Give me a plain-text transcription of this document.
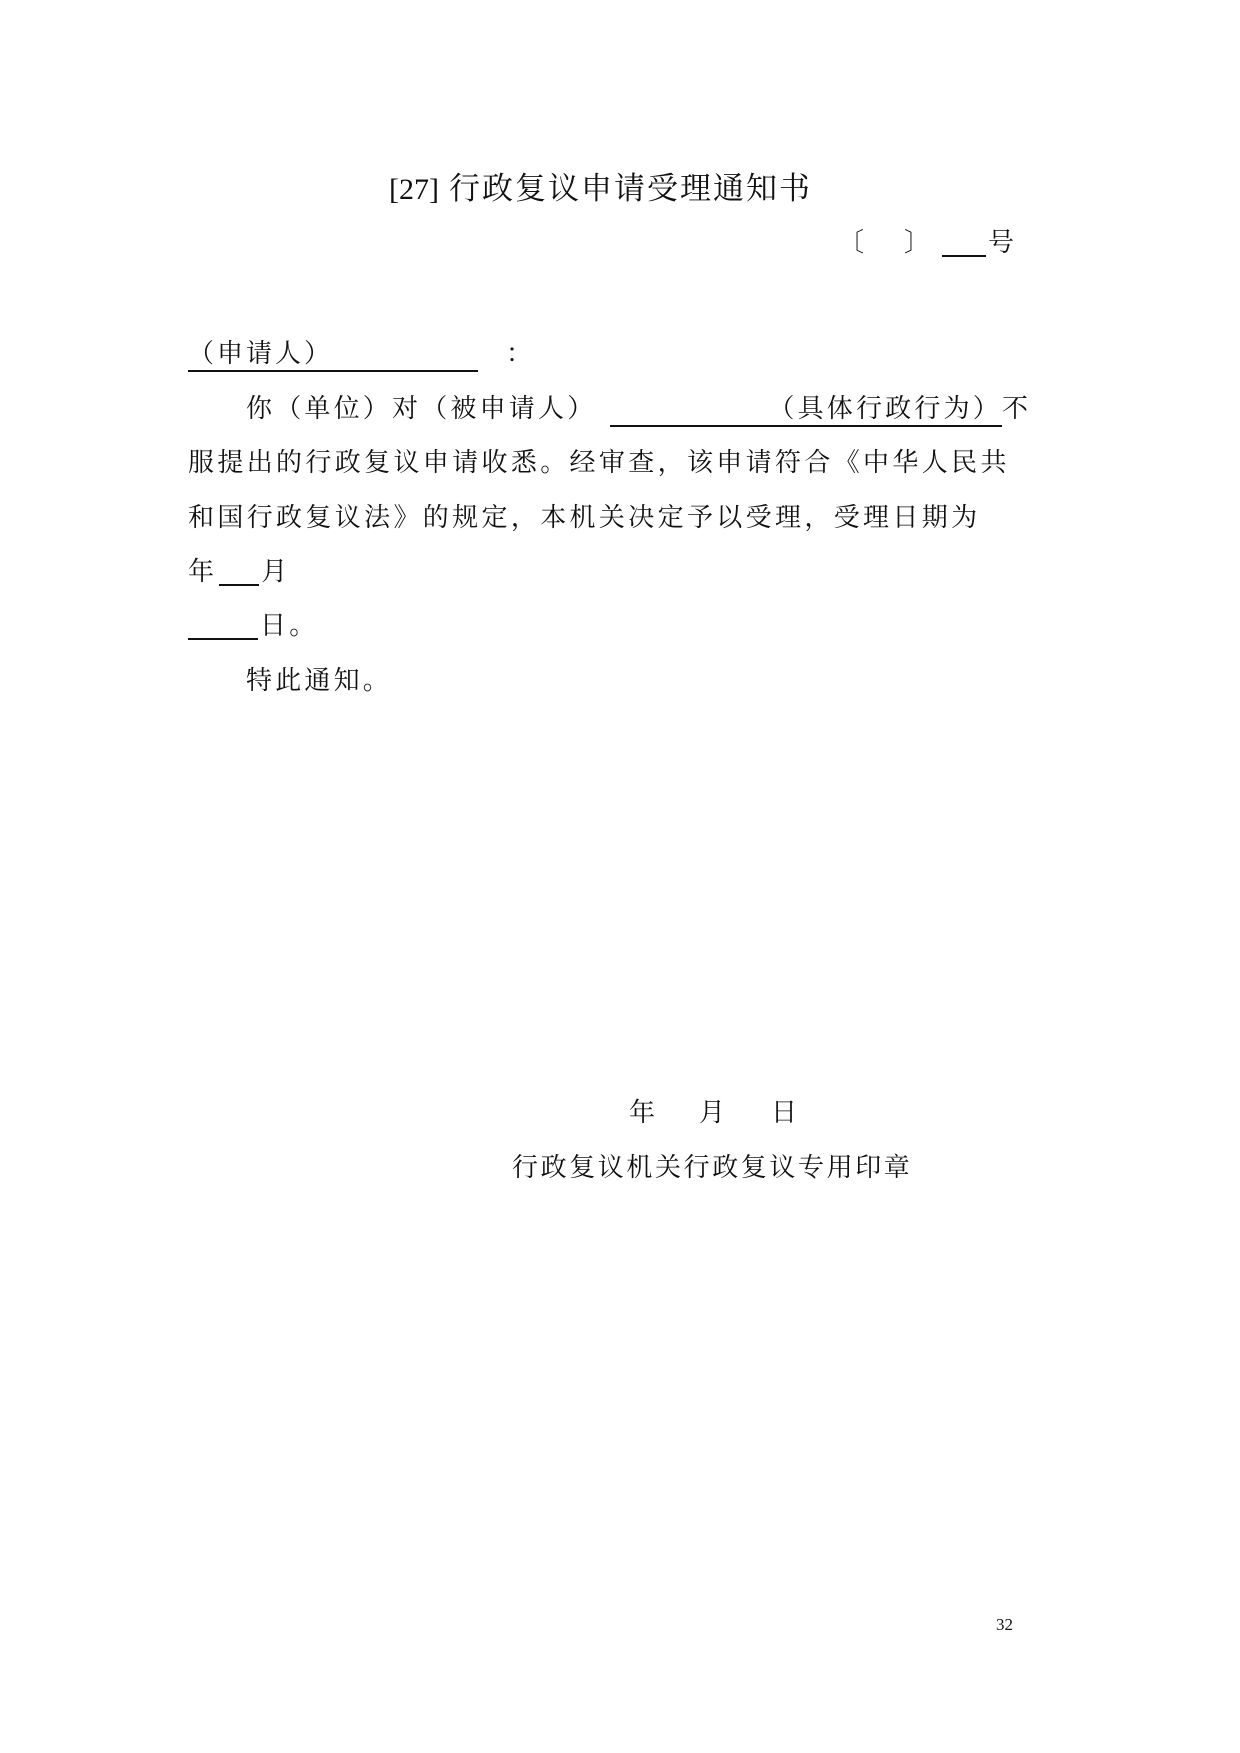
[27] 行政复议申请受理通知书
〔 〕 号
（申请人）	：
你（单位）对（被申请人）	（具体行政行为）不
服提出的行政复议申请收悉。经审查，该申请符合《中华人民共
和国行政复议法》的规定，本机关决定予以受理，受理日期为
年 月
日。
特此通知。
年 月 日
行政复议机关行政复议专用印章
32
